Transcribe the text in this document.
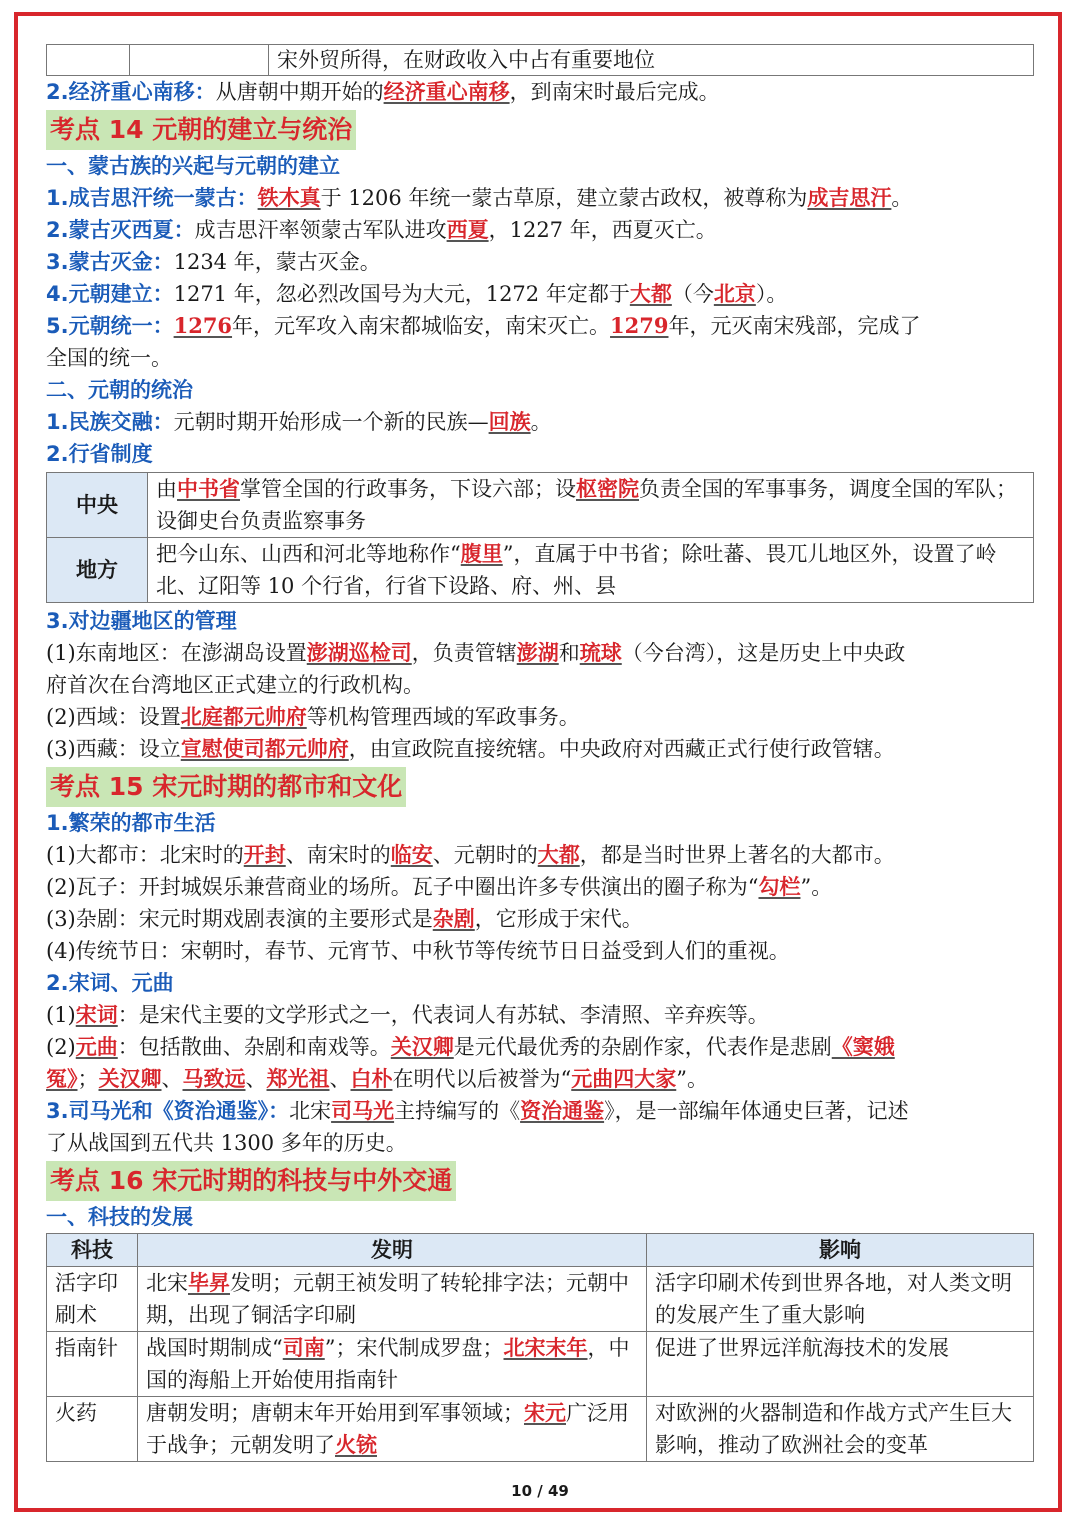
		宋外贸所得，在财政收入中占有重要地位
2.经济重心南移：从唐朝中期开始的经济重心南移，到南宋时最后完成。
考点 14 元朝的建立与统治
一、蒙古族的兴起与元朝的建立
1.成吉思汗统一蒙古：铁木真于 1206 年统一蒙古草原，建立蒙古政权，被尊称为成吉思汗。
2.蒙古灭西夏：成吉思汗率领蒙古军队进攻西夏，1227 年，西夏灭亡。
3.蒙古灭金：1234 年，蒙古灭金。
4.元朝建立：1271 年，忽必烈改国号为大元，1272 年定都于大都（今北京）。
5.元朝统一：1276年，元军攻入南宋都城临安，南宋灭亡。1279年，元灭南宋残部，完成了
全国的统一。
二、元朝的统治
1.民族交融：元朝时期开始形成一个新的民族—回族。
2.行省制度
中央	由中书省掌管全国的行政事务，下设六部；设枢密院负责全国的军事事务，调度全国的军队；设御史台负责监察事务
地方	把今山东、山西和河北等地称作“腹里”，直属于中书省；除吐蕃、畏兀儿地区外，设置了岭北、辽阳等 10 个行省，行省下设路、府、州、县
3.对边疆地区的管理
(1)东南地区：在澎湖岛设置澎湖巡检司，负责管辖澎湖和琉球（今台湾），这是历史上中央政
府首次在台湾地区正式建立的行政机构。
(2)西域：设置北庭都元帅府等机构管理西域的军政事务。
(3)西藏：设立宣慰使司都元帅府，由宣政院直接统辖。中央政府对西藏正式行使行政管辖。
考点 15 宋元时期的都市和文化
1.繁荣的都市生活
(1)大都市：北宋时的开封、南宋时的临安、元朝时的大都，都是当时世界上著名的大都市。
(2)瓦子：开封城娱乐兼营商业的场所。瓦子中圈出许多专供演出的圈子称为“勾栏”。
(3)杂剧：宋元时期戏剧表演的主要形式是杂剧，它形成于宋代。
(4)传统节日：宋朝时，春节、元宵节、中秋节等传统节日日益受到人们的重视。
2.宋词、元曲
(1)宋词：是宋代主要的文学形式之一，代表词人有苏轼、李清照、辛弃疾等。
(2)元曲：包括散曲、杂剧和南戏等。关汉卿是元代最优秀的杂剧作家，代表作是悲剧《窦娥
冤》；关汉卿、马致远、郑光祖、白朴在明代以后被誉为“元曲四大家”。
3.司马光和《资治通鉴》：北宋司马光主持编写的《资治通鉴》，是一部编年体通史巨著，记述
了从战国到五代共 1300 多年的历史。
考点 16 宋元时期的科技与中外交通
一、科技的发展
科技	发明	影响
活字印刷术	北宋毕昇发明；元朝王祯发明了转轮排字法；元朝中期，出现了铜活字印刷	活字印刷术传到世界各地，对人类文明的发展产生了重大影响
指南针	战国时期制成“司南”；宋代制成罗盘；北宋末年，中国的海船上开始使用指南针	促进了世界远洋航海技术的发展
火药	唐朝发明；唐朝末年开始用到军事领域；宋元广泛用于战争；元朝发明了火铳	对欧洲的火器制造和作战方式产生巨大影响，推动了欧洲社会的变革
10 / 49
